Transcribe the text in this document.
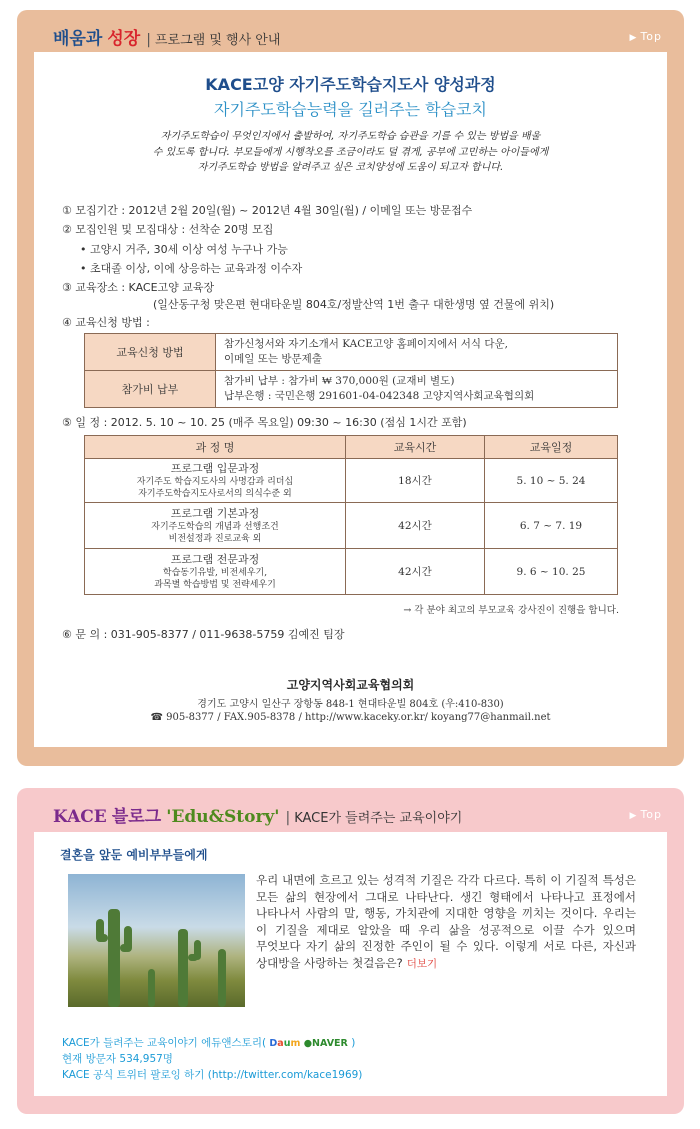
배움과
성장 | 프로그램 및 행사 안내	▶ Top
KACE고양 자기주도학습지도사 양성과정
자기주도학습능력을 길러주는 학습코치
자기주도학습이 무엇인지에서 출발하여, 자기주도학습 습관을 기를 수 있는 방법을 배울
수 있도록 합니다. 부모들에게 시행착오를 조금이라도 덜 겪게, 공부에 고민하는 아이들에게
자기주도학습 방법을 알려주고 싶은 코치양성에 도움이 되고자 합니다.
① 모집기간 : 2012년 2월 20일(월) ~ 2012년 4월 30일(월) / 이메일 또는 방문접수
② 모집인원 및 모집대상 : 선착순 20명 모집
• 고양시 거주, 30세 이상 여성 누구나 가능
• 초대졸 이상, 이에 상응하는 교육과정 이수자
③ 교육장소 : KACE고양 교육장
(일산동구청 맞은편 현대타운빌 804호/정발산역 1번 출구 대한생명 옆 건물에 위치)
④ 교육신청 방법 :
교육신청 방법	참가신청서와 자기소개서 KACE고양 홈페이지에서 서식 다운,
이메일 또는 방문제출

참가비 납부	참가비 납부 : 참가비 ₩ 370,000원 (교재비 별도)
납부은행 : 국민은행 291601-04-042348 고양지역사회교육협의회
⑤ 일 정 : 2012. 5. 10 ~ 10. 25 (매주 목요일) 09:30 ~ 16:30 (점심 1시간 포함)
과 정 명	교육시간	교육일정

프로그램 입문과정
자기주도 학습지도사의 사명감과 리더십
자기주도학습지도사로서의 의식수준 외	18시간	5. 10 ~ 5. 24

프로그램 기본과정
자기주도학습의 개념과 선행조건
비전설정과 진로교육 외	42시간	6. 7 ~ 7. 19

프로그램 전문과정
학습동기유발, 비전세우기,
과목별 학습방법 및 전략세우기	42시간	9. 6 ~ 10. 25
→ 각 분야 최고의 부모교육 강사진이 진행을 합니다.
⑥ 문 의 : 031-905-8377 / 011-9638-5759 김예진 팀장
고양지역사회교육협의회
경기도 고양시 일산구 장항동 848-1 현대타운빌 804호 (우:410-830)
☎ 905-8377 / FAX.905-8378 / http://www.kaceky.or.kr/ koyang77@hanmail.net
KACE
블로그
'Edu&Story' | KACE가 들려주는 교육이야기	▶ Top
결혼을 앞둔 예비부부들에게
우리 내면에 흐르고 있는 성격적 기질은 각각 다르다. 특히 이 기질적 특성은 모든 삶의 현장에서 그대로 나타난다. 생긴 형태에서 나타나고 표정에서 나타나서 사람의 말, 행동, 가치관에 지대한 영향을 끼치는 것이다. 우리는 이 기질을 제대로 알았을 때 우리 삶을 성공적으로 이끌 수가 있으며 무엇보다 자기 삶의 진정한 주인이 될 수 있다. 이렇게 서로 다른, 자신과 상대방을 사랑하는 첫걸음은? 더보기
KACE가 들려주는 교육이야기 에듀앤스토리( Daum ●NAVER )
현재 방문자 534,957명
KACE 공식 트위터 팔로잉 하기 (http://twitter.com/kace1969)
